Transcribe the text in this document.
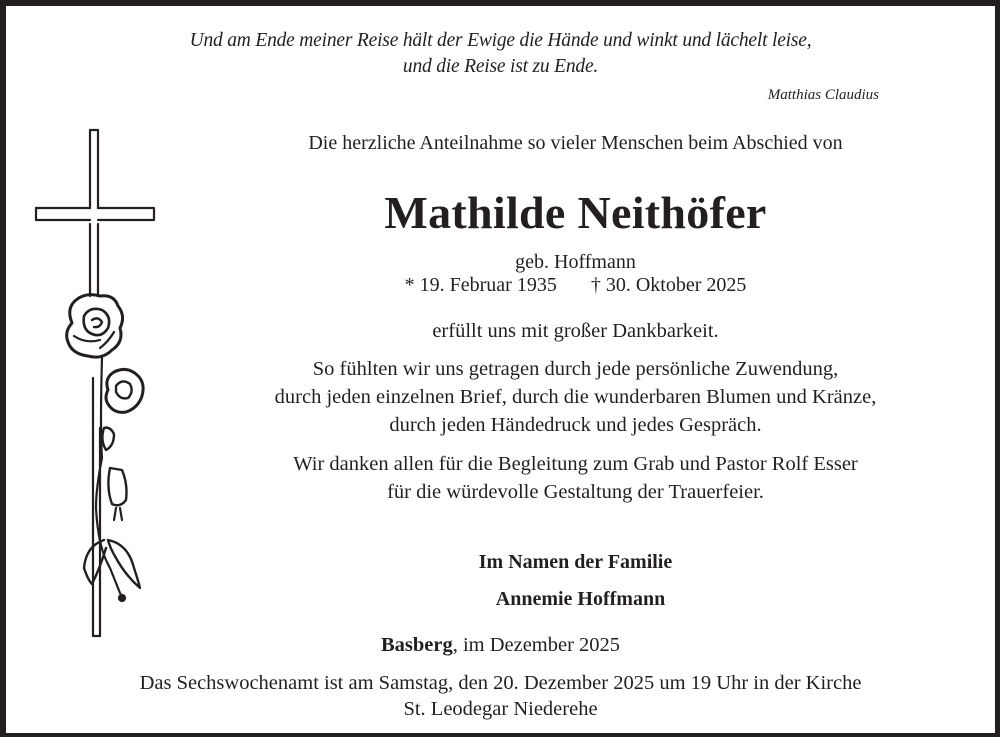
Und am Ende meiner Reise hält der Ewige die Hände und winkt und lächelt leise,
und die Reise ist zu Ende.
Matthias Claudius
Die herzliche Anteilnahme so vieler Menschen beim Abschied von
Mathilde Neithöfer
geb. Hoffmann
* 19. Februar 1935 † 30. Oktober 2025
erfüllt uns mit großer Dankbarkeit.
So fühlten wir uns getragen durch jede persönliche Zuwendung,
durch jeden einzelnen Brief, durch die wunderbaren Blumen und Kränze,
durch jeden Händedruck und jedes Gespräch.
Wir danken allen für die Begleitung zum Grab und Pastor Rolf Esser
für die würdevolle Gestaltung der Trauerfeier.
Im Namen der Familie
Annemie Hoffmann
Basberg, im Dezember 2025
Das Sechswochenamt ist am Samstag, den 20. Dezember 2025 um 19 Uhr in der Kirche
St. Leodegar Niederehe
